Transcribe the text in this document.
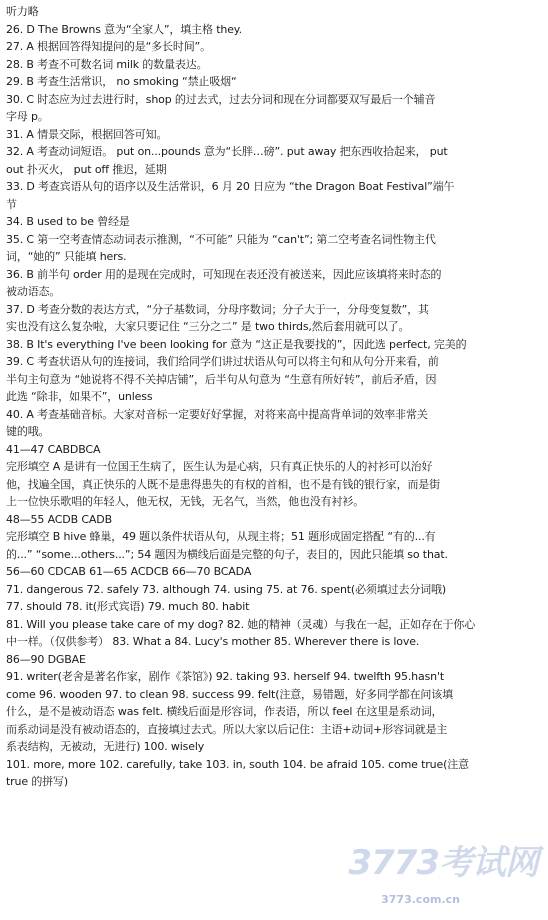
听力略
26. D The Browns 意为“全家人”，填主格 they.
27. A 根据回答得知提问的是“多长时间”。
28. B 考查不可数名词 milk 的数量表达。
29. B 考查生活常识， no smoking “禁止吸烟“
30. C 时态应为过去进行时，shop 的过去式，过去分词和现在分词都要双写最后一个辅音
字母 p。
31. A 情景交际，根据回答可知。
32. A 考查动词短语。 put on...pounds 意为“长胖…磅”. put away 把东西收拾起来， put
out 扑灭火， put off 推迟，延期
33. D 考查宾语从句的语序以及生活常识，6 月 20 日应为 “the Dragon Boat Festival”端午
节
34. B used to be 曾经是
35. C 第一空考查情态动词表示推测，“不可能” 只能为 “can't”; 第二空考查名词性物主代
词，“她的” 只能填 hers.
36. B 前半句 order 用的是现在完成时，可知现在表还没有被送来，因此应该填将来时态的
被动语态。
37. D 考查分数的表达方式，“分子基数词，分母序数词；分子大于一，分母变复数”，其
实也没有这么复杂啦，大家只要记住 “三分之二” 是 two thirds,然后套用就可以了。
38. B It's everything I've been looking for 意为 “这正是我要找的”，因此选 perfect, 完美的
39. C 考查状语从句的连接词，我们给同学们讲过状语从句可以将主句和从句分开来看，前
半句主句意为 “她说将不得不关掉店铺”，后半句从句意为 “生意有所好转”，前后矛盾，因
此选 “除非，如果不”，unless
40. A 考查基础音标。大家对音标一定要好好掌握，对将来高中提高背单词的效率非常关
键的哦。
41—47 CABDBCA
完形填空 A 是讲有一位国王生病了，医生认为是心病，只有真正快乐的人的衬衫可以治好
他，找遍全国，真正快乐的人既不是患得患失的有权的首相，也不是有钱的银行家，而是街
上一位快乐歌唱的年轻人，他无权，无钱，无名气，当然，他也没有衬衫。
48—55 ACDB CADB
完形填空 B hive 蜂巢，49 题以条件状语从句，从现主将；51 题形成固定搭配 “有的...有
的...” “some...others...”; 54 题因为横线后面是完整的句子，表目的，因此只能填 so that.
56—60 CDCAB 61—65 ACDCB 66—70 BCADA
71. dangerous 72. safely 73. although 74. using 75. at 76. spent(必须填过去分词哦)
77. should 78. it(形式宾语) 79. much 80. habit
81. Will you please take care of my dog? 82. 她的精神（灵魂）与我在一起，正如存在于你心
中一样。（仅供参考） 83. What a 84. Lucy's mother 85. Wherever there is love.
86—90 DGBAE
91. writer(老舍是著名作家，剧作《茶馆》) 92. taking 93. herself 94. twelfth 95.hasn't
come 96. wooden 97. to clean 98. success 99. felt(注意，易错题，好多同学都在问该填
什么，是不是被动语态 was felt. 横线后面是形容词，作表语，所以 feel 在这里是系动词，
而系动词是没有被动语态的，直接填过去式。所以大家以后记住：主语+动词+形容词就是主
系表结构，无被动，无进行) 100. wisely
101. more, more 102. carefully, take 103. in, south 104. be afraid 105. come true(注意
true 的拼写)
3773考试网
3773.com.cn
